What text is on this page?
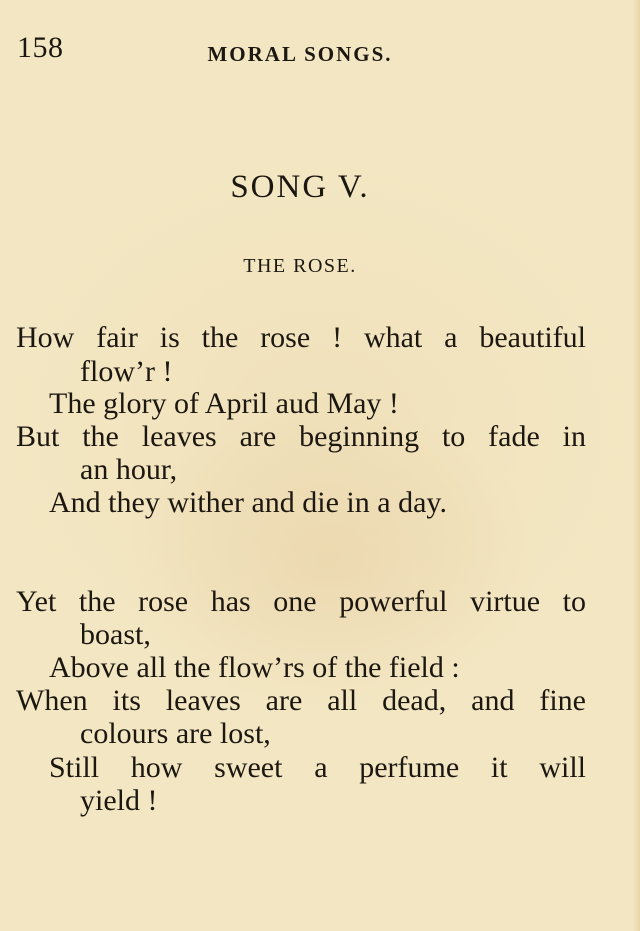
158	MORAL SONGS.
SONG V.
THE ROSE.
How fair is the rose ! what a beautiful
flow’r !
The glory of April aud May !
But the leaves are beginning to fade in
an hour,
And they wither and die in a day.
Yet the rose has one powerful virtue to
boast,
Above all the flow’rs of the field :
When its leaves are all dead, and fine
colours are lost,
Still how sweet a perfume it will
yield !
